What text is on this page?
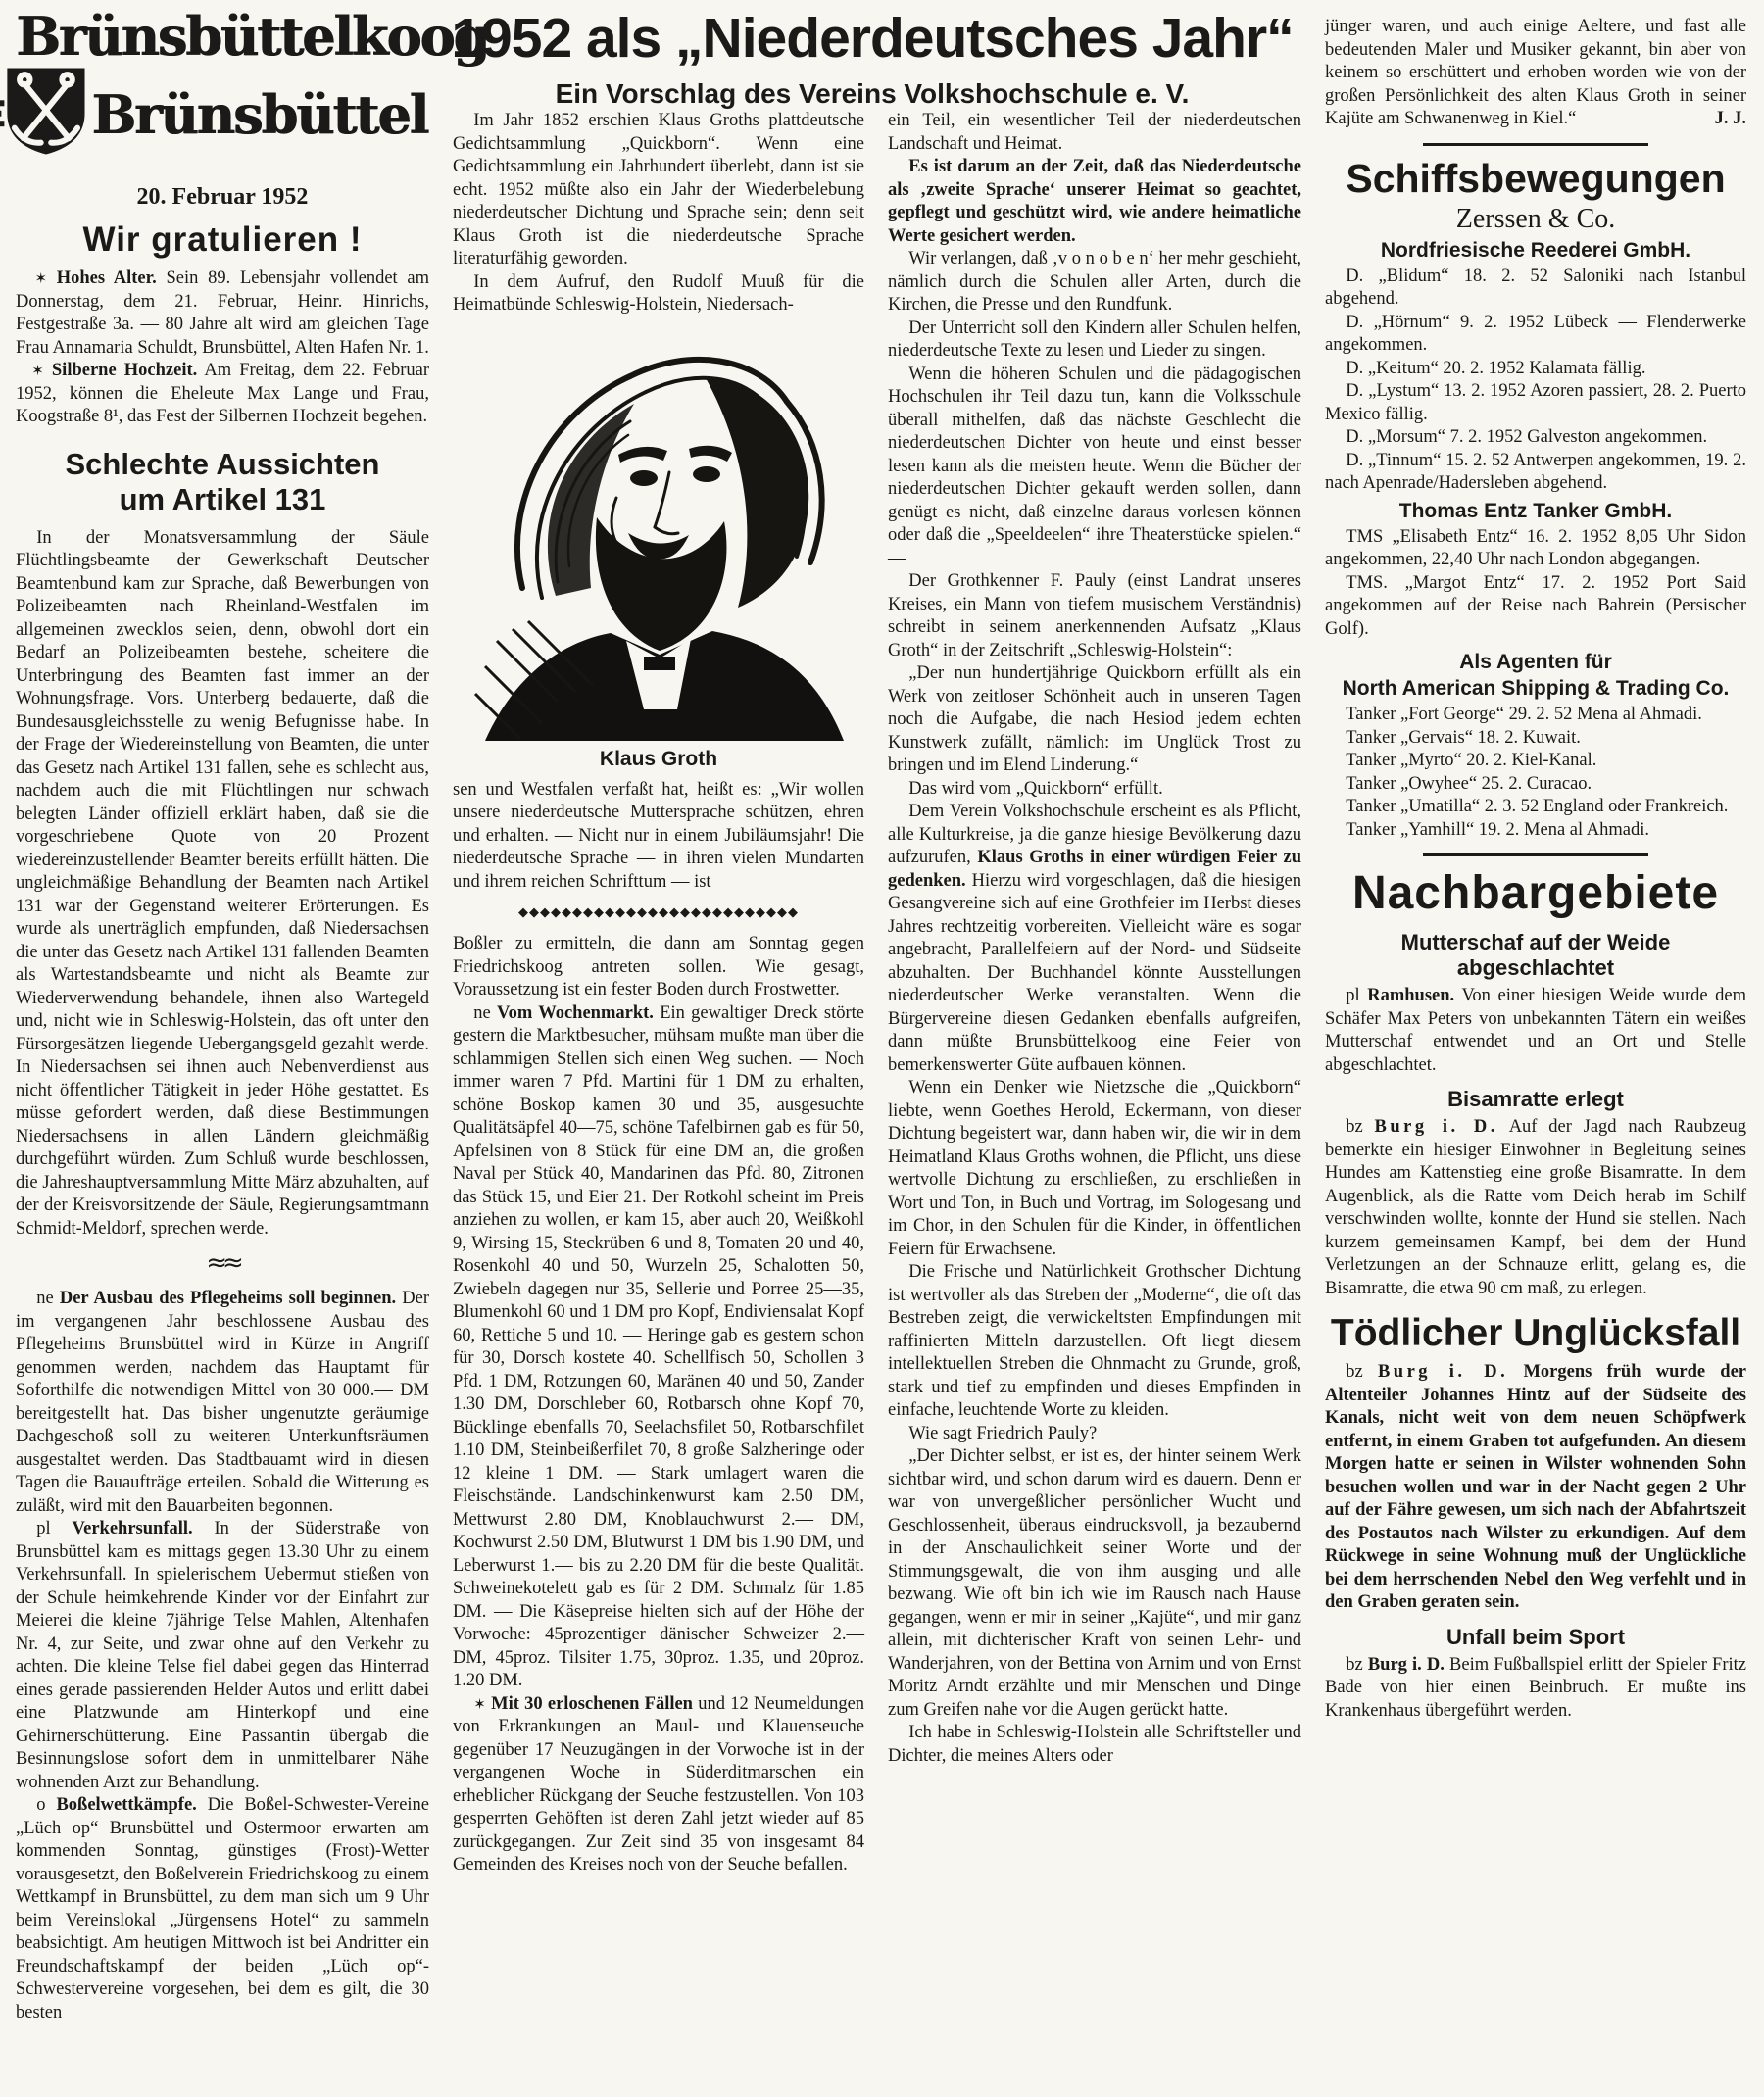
Brünsbüttelkoog
Brünsbüttel
20. Februar 1952
Wir gratulieren !

✶ Hohes Alter. Sein 89. Lebensjahr vollendet am Donnerstag, dem 21. Februar, Heinr. Hinrichs, Festgestraße 3a. — 80 Jahre alt wird am gleichen Tage Frau Annamaria Schuldt, Brunsbüttel, Alten Hafen Nr. 1.

✶ Silberne Hochzeit. Am Freitag, dem 22. Februar 1952, können die Eheleute Max Lange und Frau, Koogstraße 8¹, das Fest der Silbernen Hochzeit begehen.

Schlechte Aussichten
um Artikel 131

In der Monatsversammlung der Säule Flüchtlingsbeamte der Gewerkschaft Deutscher Beamtenbund kam zur Sprache, daß Bewerbungen von Polizeibeamten nach Rheinland-Westfalen im allgemeinen zwecklos seien, denn, obwohl dort ein Bedarf an Polizeibeamten bestehe, scheitere die Unterbringung des Beamten fast immer an der Wohnungsfrage. Vors. Unterberg bedauerte, daß die Bundesausgleichsstelle zu wenig Befugnisse habe. In der Frage der Wiedereinstellung von Beamten, die unter das Gesetz nach Artikel 131 fallen, sehe es schlecht aus, nachdem auch die mit Flüchtlingen nur schwach belegten Länder offiziell erklärt haben, daß sie die vorgeschriebene Quote von 20 Prozent wiedereinzustellender Beamter bereits erfüllt hätten. Die ungleichmäßige Behandlung der Beamten nach Artikel 131 war der Gegenstand weiterer Erörterungen. Es wurde als unerträglich empfunden, daß Niedersachsen die unter das Gesetz nach Artikel 131 fallenden Beamten als Wartestandsbeamte und nicht als Beamte zur Wiederverwendung behandele, ihnen also Wartegeld und, nicht wie in Schleswig-Holstein, das oft unter den Fürsorgesätzen liegende Uebergangsgeld gezahlt werde. In Niedersachsen sei ihnen auch Nebenverdienst aus nicht öffentlicher Tätigkeit in jeder Höhe gestattet. Es müsse gefordert werden, daß diese Bestimmungen Niedersachsens in allen Ländern gleichmäßig durchgeführt würden. Zum Schluß wurde beschlossen, die Jahreshauptversammlung Mitte März abzuhalten, auf der der Kreisvorsitzende der Säule, Regierungsamtmann Schmidt-Meldorf, sprechen werde.

≈≈

ne Der Ausbau des Pflegeheims soll beginnen. Der im vergangenen Jahr beschlossene Ausbau des Pflegeheims Brunsbüttel wird in Kürze in Angriff genommen werden, nachdem das Hauptamt für Soforthilfe die notwendigen Mittel von 30 000.— DM bereitgestellt hat. Das bisher ungenutzte geräumige Dachgeschoß soll zu weiteren Unterkunftsräumen ausgestaltet werden. Das Stadtbauamt wird in diesen Tagen die Bauaufträge erteilen. Sobald die Witterung es zuläßt, wird mit den Bauarbeiten begonnen.

pl Verkehrsunfall. In der Süderstraße von Brunsbüttel kam es mittags gegen 13.30 Uhr zu einem Verkehrsunfall. In spielerischem Uebermut stießen von der Schule heimkehrende Kinder vor der Einfahrt zur Meierei die kleine 7jährige Telse Mahlen, Altenhafen Nr. 4, zur Seite, und zwar ohne auf den Verkehr zu achten. Die kleine Telse fiel dabei gegen das Hinterrad eines gerade passierenden Helder Autos und erlitt dabei eine Platzwunde am Hinterkopf und eine Gehirnerschütterung. Eine Passantin übergab die Besinnungslose sofort dem in unmittelbarer Nähe wohnenden Arzt zur Behandlung.

o Boßelwettkämpfe. Die Boßel-Schwester-Vereine „Lüch op“ Brunsbüttel und Ostermoor erwarten am kommenden Sonntag, günstiges (Frost)-Wetter vorausgesetzt, den Boßelverein Friedrichskoog zu einem Wettkampf in Brunsbüttel, zu dem man sich um 9 Uhr beim Vereinslokal „Jürgensens Hotel“ zu sammeln beabsichtigt. Am heutigen Mittwoch ist bei Andritter ein Freundschaftskampf der beiden „Lüch op“-Schwestervereine vorgesehen, bei dem es gilt, die 30 besten

1952 als „Niederdeutsches Jahr“
Ein Vorschlag des Vereins Volkshochschule e. V.

Im Jahr 1852 erschien Klaus Groths plattdeutsche Gedichtsammlung „Quickborn“. Wenn eine Gedichtsammlung ein Jahrhundert überlebt, dann ist sie echt. 1952 müßte also ein Jahr der Wiederbelebung niederdeutscher Dichtung und Sprache sein; denn seit Klaus Groth ist die niederdeutsche Sprache literaturfähig geworden.

In dem Aufruf, den Rudolf Muuß für die Heimatbünde Schleswig-Holstein, Niedersach-

Klaus Groth

sen und Westfalen verfaßt hat, heißt es: „Wir wollen unsere niederdeutsche Muttersprache schützen, ehren und erhalten. — Nicht nur in einem Jubiläumsjahr! Die niederdeutsche Sprache — in ihren vielen Mundarten und ihrem reichen Schrifttum — ist

◆◆◆◆◆◆◆◆◆◆◆◆◆◆◆◆◆◆◆◆◆◆◆◆◆◆

Boßler zu ermitteln, die dann am Sonntag gegen Friedrichskoog antreten sollen. Wie gesagt, Voraussetzung ist ein fester Boden durch Frostwetter.

ne Vom Wochenmarkt. Ein gewaltiger Dreck störte gestern die Marktbesucher, mühsam mußte man über die schlammigen Stellen sich einen Weg suchen. — Noch immer waren 7 Pfd. Martini für 1 DM zu erhalten, schöne Boskop kamen 30 und 35, ausgesuchte Qualitätsäpfel 40—75, schöne Tafelbirnen gab es für 50, Apfelsinen von 8 Stück für eine DM an, die großen Naval per Stück 40, Mandarinen das Pfd. 80, Zitronen das Stück 15, und Eier 21. Der Rotkohl scheint im Preis anziehen zu wollen, er kam 15, aber auch 20, Weißkohl 9, Wirsing 15, Steckrüben 6 und 8, Tomaten 20 und 40, Rosenkohl 40 und 50, Wurzeln 25, Schalotten 50, Zwiebeln dagegen nur 35, Sellerie und Porree 25—35, Blumenkohl 60 und 1 DM pro Kopf, Endiviensalat Kopf 60, Rettiche 5 und 10. — Heringe gab es gestern schon für 30, Dorsch kostete 40. Schellfisch 50, Schollen 3 Pfd. 1 DM, Rotzungen 60, Maränen 40 und 50, Zander 1.30 DM, Dorschleber 60, Rotbarsch ohne Kopf 70, Bücklinge ebenfalls 70, Seelachsfilet 50, Rotbarschfilet 1.10 DM, Steinbeißerfilet 70, 8 große Salzheringe oder 12 kleine 1 DM. — Stark umlagert waren die Fleischstände. Landschinkenwurst kam 2.50 DM, Mettwurst 2.80 DM, Knoblauchwurst 2.— DM, Kochwurst 2.50 DM, Blutwurst 1 DM bis 1.90 DM, und Leberwurst 1.— bis zu 2.20 DM für die beste Qualität. Schweinekotelett gab es für 2 DM. Schmalz für 1.85 DM. — Die Käsepreise hielten sich auf der Höhe der Vorwoche: 45prozentiger dänischer Schweizer 2.— DM, 45proz. Tilsiter 1.75, 30proz. 1.35, und 20proz. 1.20 DM.

✶ Mit 30 erloschenen Fällen und 12 Neumeldungen von Erkrankungen an Maul- und Klauenseuche gegenüber 17 Neuzugängen in der Vorwoche ist in der vergangenen Woche in Süderditmarschen ein erheblicher Rückgang der Seuche festzustellen. Von 103 gesperrten Gehöften ist deren Zahl jetzt wieder auf 85 zurückgegangen. Zur Zeit sind 35 von insgesamt 84 Gemeinden des Kreises noch von der Seuche befallen.

ein Teil, ein wesentlicher Teil der niederdeutschen Landschaft und Heimat.

Es ist darum an der Zeit, daß das Niederdeutsche als ‚zweite Sprache‘ unserer Heimat so geachtet, gepflegt und geschützt wird, wie andere heimatliche Werte gesichert werden.

Wir verlangen, daß ‚v o n o b e n‘ her mehr geschieht, nämlich durch die Schulen aller Arten, durch die Kirchen, die Presse und den Rundfunk.

Der Unterricht soll den Kindern aller Schulen helfen, niederdeutsche Texte zu lesen und Lieder zu singen.

Wenn die höheren Schulen und die pädagogischen Hochschulen ihr Teil dazu tun, kann die Volksschule überall mithelfen, daß das nächste Geschlecht die niederdeutschen Dichter von heute und einst besser lesen kann als die meisten heute. Wenn die Bücher der niederdeutschen Dichter gekauft werden sollen, dann genügt es nicht, daß einzelne daraus vorlesen können oder daß die „Speeldeelen“ ihre Theaterstücke spielen.“ —

Der Grothkenner F. Pauly (einst Landrat unseres Kreises, ein Mann von tiefem musischem Verständnis) schreibt in seinem anerkennenden Aufsatz „Klaus Groth“ in der Zeitschrift „Schleswig-Holstein“:

„Der nun hundertjährige Quickborn erfüllt als ein Werk von zeitloser Schönheit auch in unseren Tagen noch die Aufgabe, die nach Hesiod jedem echten Kunstwerk zufällt, nämlich: im Unglück Trost zu bringen und im Elend Linderung.“

Das wird vom „Quickborn“ erfüllt.

Dem Verein Volkshochschule erscheint es als Pflicht, alle Kulturkreise, ja die ganze hiesige Bevölkerung dazu aufzurufen, Klaus Groths in einer würdigen Feier zu gedenken. Hierzu wird vorgeschlagen, daß die hiesigen Gesangvereine sich auf eine Grothfeier im Herbst dieses Jahres rechtzeitig vorbereiten. Vielleicht wäre es sogar angebracht, Parallelfeiern auf der Nord- und Südseite abzuhalten. Der Buchhandel könnte Ausstellungen niederdeutscher Werke veranstalten. Wenn die Bürgervereine diesen Gedanken ebenfalls aufgreifen, dann müßte Brunsbüttelkoog eine Feier von bemerkenswerter Güte aufbauen können.

Wenn ein Denker wie Nietzsche die „Quickborn“ liebte, wenn Goethes Herold, Eckermann, von dieser Dichtung begeistert war, dann haben wir, die wir in dem Heimatland Klaus Groths wohnen, die Pflicht, uns diese wertvolle Dichtung zu erschließen, zu erschließen in Wort und Ton, in Buch und Vortrag, im Sologesang und im Chor, in den Schulen für die Kinder, in öffentlichen Feiern für Erwachsene.

Die Frische und Natürlichkeit Grothscher Dichtung ist wertvoller als das Streben der „Moderne“, die oft das Bestreben zeigt, die verwickeltsten Empfindungen mit raffinierten Mitteln darzustellen. Oft liegt diesem intellektuellen Streben die Ohnmacht zu Grunde, groß, stark und tief zu empfinden und dieses Empfinden in einfache, leuchtende Worte zu kleiden.

Wie sagt Friedrich Pauly?

„Der Dichter selbst, er ist es, der hinter seinem Werk sichtbar wird, und schon darum wird es dauern. Denn er war von unvergeßlicher persönlicher Wucht und Geschlossenheit, überaus eindrucksvoll, ja bezaubernd in der Anschaulichkeit seiner Worte und der Stimmungsgewalt, die von ihm ausging und alle bezwang. Wie oft bin ich wie im Rausch nach Hause gegangen, wenn er mir in seiner „Kajüte“, und mir ganz allein, mit dichterischer Kraft von seinen Lehr- und Wanderjahren, von der Bettina von Arnim und von Ernst Moritz Arndt erzählte und mir Menschen und Dinge zum Greifen nahe vor die Augen gerückt hatte.

Ich habe in Schleswig-Holstein alle Schriftsteller und Dichter, die meines Alters oder

jünger waren, und auch einige Aeltere, und fast alle bedeutenden Maler und Musiker gekannt, bin aber von keinem so erschüttert und erhoben worden wie von der großen Persönlichkeit des alten Klaus Groth in seiner Kajüte am Schwanenweg in Kiel.“	J. J.

Schiffsbewegungen
Zerssen & Co.
Nordfriesische Reederei GmbH.

D. „Blidum“ 18. 2. 52 Saloniki nach Istanbul abgehend.

D. „Hörnum“ 9. 2. 1952 Lübeck — Flenderwerke angekommen.

D. „Keitum“ 20. 2. 1952 Kalamata fällig.

D. „Lystum“ 13. 2. 1952 Azoren passiert, 28. 2. Puerto Mexico fällig.

D. „Morsum“ 7. 2. 1952 Galveston angekommen.

D. „Tinnum“ 15. 2. 52 Antwerpen angekommen, 19. 2. nach Apenrade/Hadersleben abgehend.

Thomas Entz Tanker GmbH.

TMS „Elisabeth Entz“ 16. 2. 1952 8,05 Uhr Sidon angekommen, 22,40 Uhr nach London abgegangen.

TMS. „Margot Entz“ 17. 2. 1952 Port Said angekommen auf der Reise nach Bahrein (Persischer Golf).

Als Agenten für
North American Shipping & Trading Co.

Tanker „Fort George“ 29. 2. 52 Mena al Ahmadi.

Tanker „Gervais“ 18. 2. Kuwait.

Tanker „Myrto“ 20. 2. Kiel-Kanal.

Tanker „Owyhee“ 25. 2. Curacao.

Tanker „Umatilla“ 2. 3. 52 England oder Frankreich.

Tanker „Yamhill“ 19. 2. Mena al Ahmadi.

Nachbargebiete
Mutterschaf auf der Weide abgeschlachtet

pl Ramhusen. Von einer hiesigen Weide wurde dem Schäfer Max Peters von unbekannten Tätern ein weißes Mutterschaf entwendet und an Ort und Stelle abgeschlachtet.

Bisamratte erlegt

bz Burg i. D. Auf der Jagd nach Raubzeug bemerkte ein hiesiger Einwohner in Begleitung seines Hundes am Kattenstieg eine große Bisamratte. In dem Augenblick, als die Ratte vom Deich herab im Schilf verschwinden wollte, konnte der Hund sie stellen. Nach kurzem gemeinsamen Kampf, bei dem der Hund Verletzungen an der Schnauze erlitt, gelang es, die Bisamratte, die etwa 90 cm maß, zu erlegen.

Tödlicher Unglücksfall

bz Burg i. D. Morgens früh wurde der Altenteiler Johannes Hintz auf der Südseite des Kanals, nicht weit von dem neuen Schöpfwerk entfernt, in einem Graben tot aufgefunden. An diesem Morgen hatte er seinen in Wilster wohnenden Sohn besuchen wollen und war in der Nacht gegen 2 Uhr auf der Fähre gewesen, um sich nach der Abfahrtszeit des Postautos nach Wilster zu erkundigen. Auf dem Rückwege in seine Wohnung muß der Unglückliche bei dem herrschenden Nebel den Weg verfehlt und in den Graben geraten sein.

Unfall beim Sport

bz Burg i. D. Beim Fußballspiel erlitt der Spieler Fritz Bade von hier einen Beinbruch. Er mußte ins Krankenhaus übergeführt werden.
